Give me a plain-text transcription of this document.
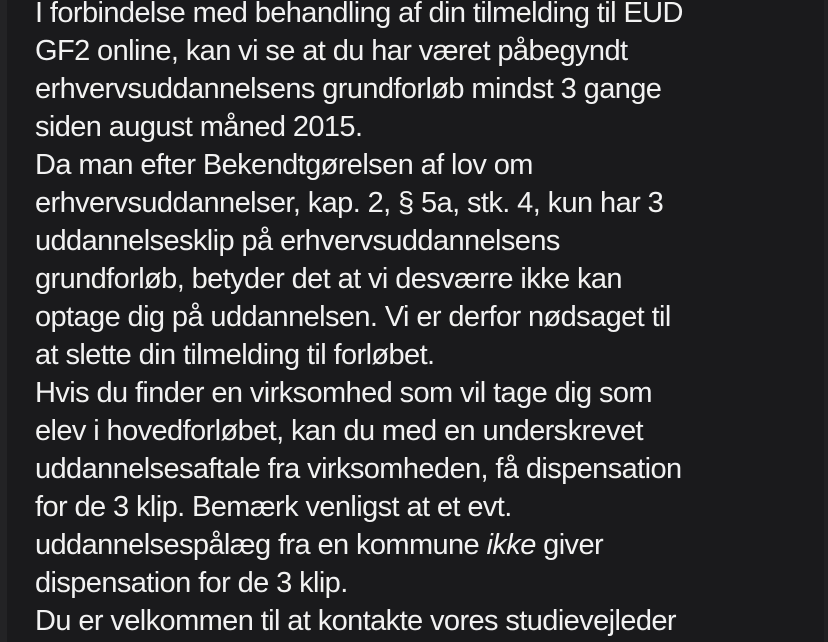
I forbindelse med behandling af din tilmelding til EUD
GF2 online, kan vi se at du har været påbegyndt
erhvervsuddannelsens grundforløb mindst 3 gange
siden august måned 2015.
Da man efter Bekendtgørelsen af lov om
erhvervsuddannelser, kap. 2, § 5a, stk. 4, kun har 3
uddannelsesklip på erhvervsuddannelsens
grundforløb, betyder det at vi desværre ikke kan
optage dig på uddannelsen. Vi er derfor nødsaget til
at slette din tilmelding til forløbet.
Hvis du finder en virksomhed som vil tage dig som
elev i hovedforløbet, kan du med en underskrevet
uddannelsesaftale fra virksomheden, få dispensation
for de 3 klip. Bemærk venligst at et evt.
uddannelsespålæg fra en kommune ikke giver
dispensation for de 3 klip.
Du er velkommen til at kontakte vores studievejleder
